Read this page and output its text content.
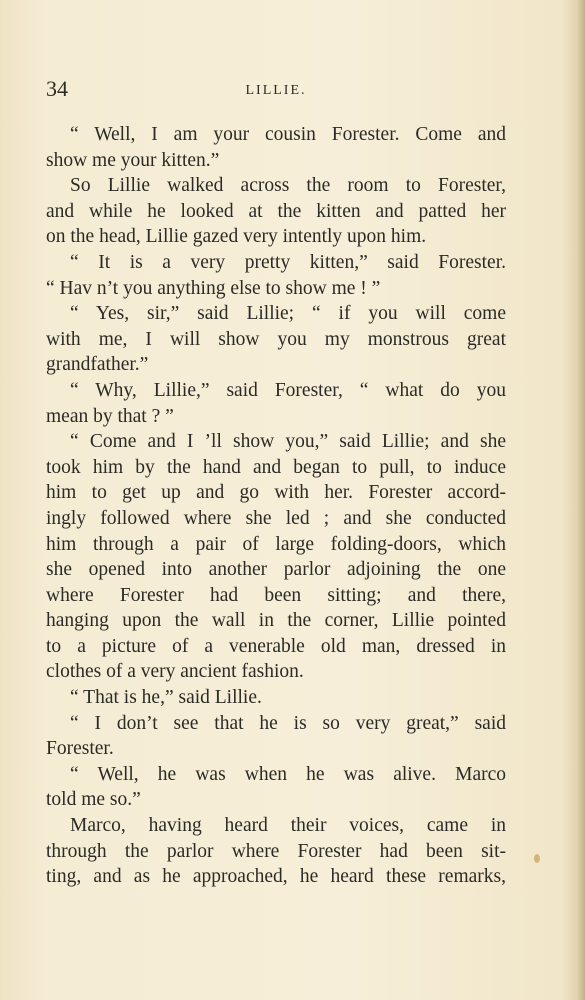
34	LILLIE.
“ Well, I am your cousin Forester. Come and
show me your kitten.”
So Lillie walked across the room to Forester,
and while he looked at the kitten and patted her
on the head, Lillie gazed very intently upon him.
“ It is a very pretty kitten,” said Forester.
“ Hav n’t you anything else to show me ! ”
“ Yes, sir,” said Lillie; “ if you will come
with me, I will show you my monstrous great
grandfather.”
“ Why, Lillie,” said Forester, “ what do you
mean by that ? ”
“ Come and I ’ll show you,” said Lillie; and she
took him by the hand and began to pull, to induce
him to get up and go with her. Forester accord-
ingly followed where she led ; and she conducted
him through a pair of large folding-doors, which
she opened into another parlor adjoining the one
where Forester had been sitting; and there,
hanging upon the wall in the corner, Lillie pointed
to a picture of a venerable old man, dressed in
clothes of a very ancient fashion.
“ That is he,” said Lillie.
“ I don’t see that he is so very great,” said
Forester.
“ Well, he was when he was alive. Marco
told me so.”
Marco, having heard their voices, came in
through the parlor where Forester had been sit-
ting, and as he approached, he heard these remarks,
